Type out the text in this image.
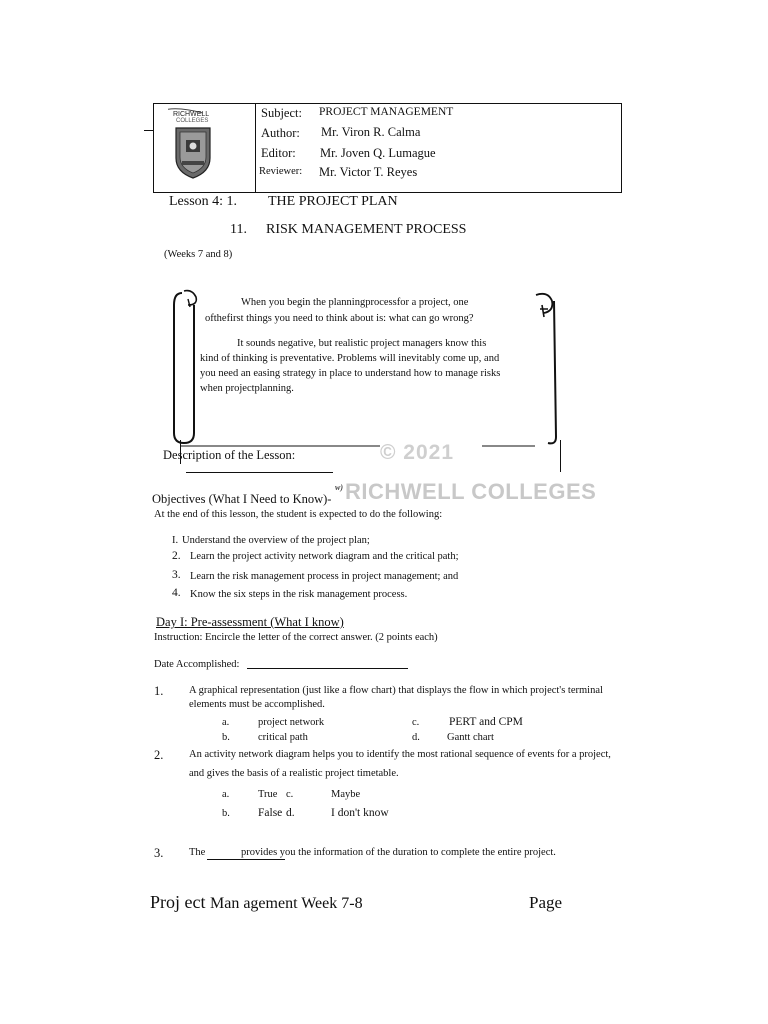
RICHWELL
COLLEGES
Subject: PROJECT MANAGEMENT
Author: Mr. Viron R. Calma
Editor: Mr. Joven Q. Lumague
Reviewer: Mr. Victor T. Reyes
Lesson 4: 1. THE PROJECT PLAN
11. RISK MANAGEMENT PROCESS
(Weeks 7 and 8)
When you begin the planningprocessfor a project, one
ofthefirst things you need to think about is: what can go wrong?
It sounds negative, but realistic project managers know this
kind of thinking is preventative. Problems will inevitably come up, and
you need an easing strategy in place to understand how to manage risks
when projectplanning.
Description of the Lesson:	© 2021
w) RICHWELL COLLEGES
Objectives (What I Need to Know)-
At the end of this lesson, the student is expected to do the following:
I. Understand the overview of the project plan;
2. Learn the project activity network diagram and the critical path;
3. Learn the risk management process in project management; and
4. Know the six steps in the risk management process.
Day I: Pre-assessment (What I know)
Instruction: Encircle the letter of the correct answer. (2 points each)
Date Accomplished:
1. A graphical representation (just like a flow chart) that displays the flow in which project's terminal
elements must be accomplished.
a.	project network	c.	PERT and CPM
b.	critical path	d.	Gantt chart
2. An activity network diagram helps you to identify the most rational sequence of events for a project,
and gives the basis of a realistic project timetable.
a.	True c.	Maybe
b. False d.	I don't know
3. The	provides you the information of the duration to complete the entire project.
Proj ect Man agement Week 7-8	Page
